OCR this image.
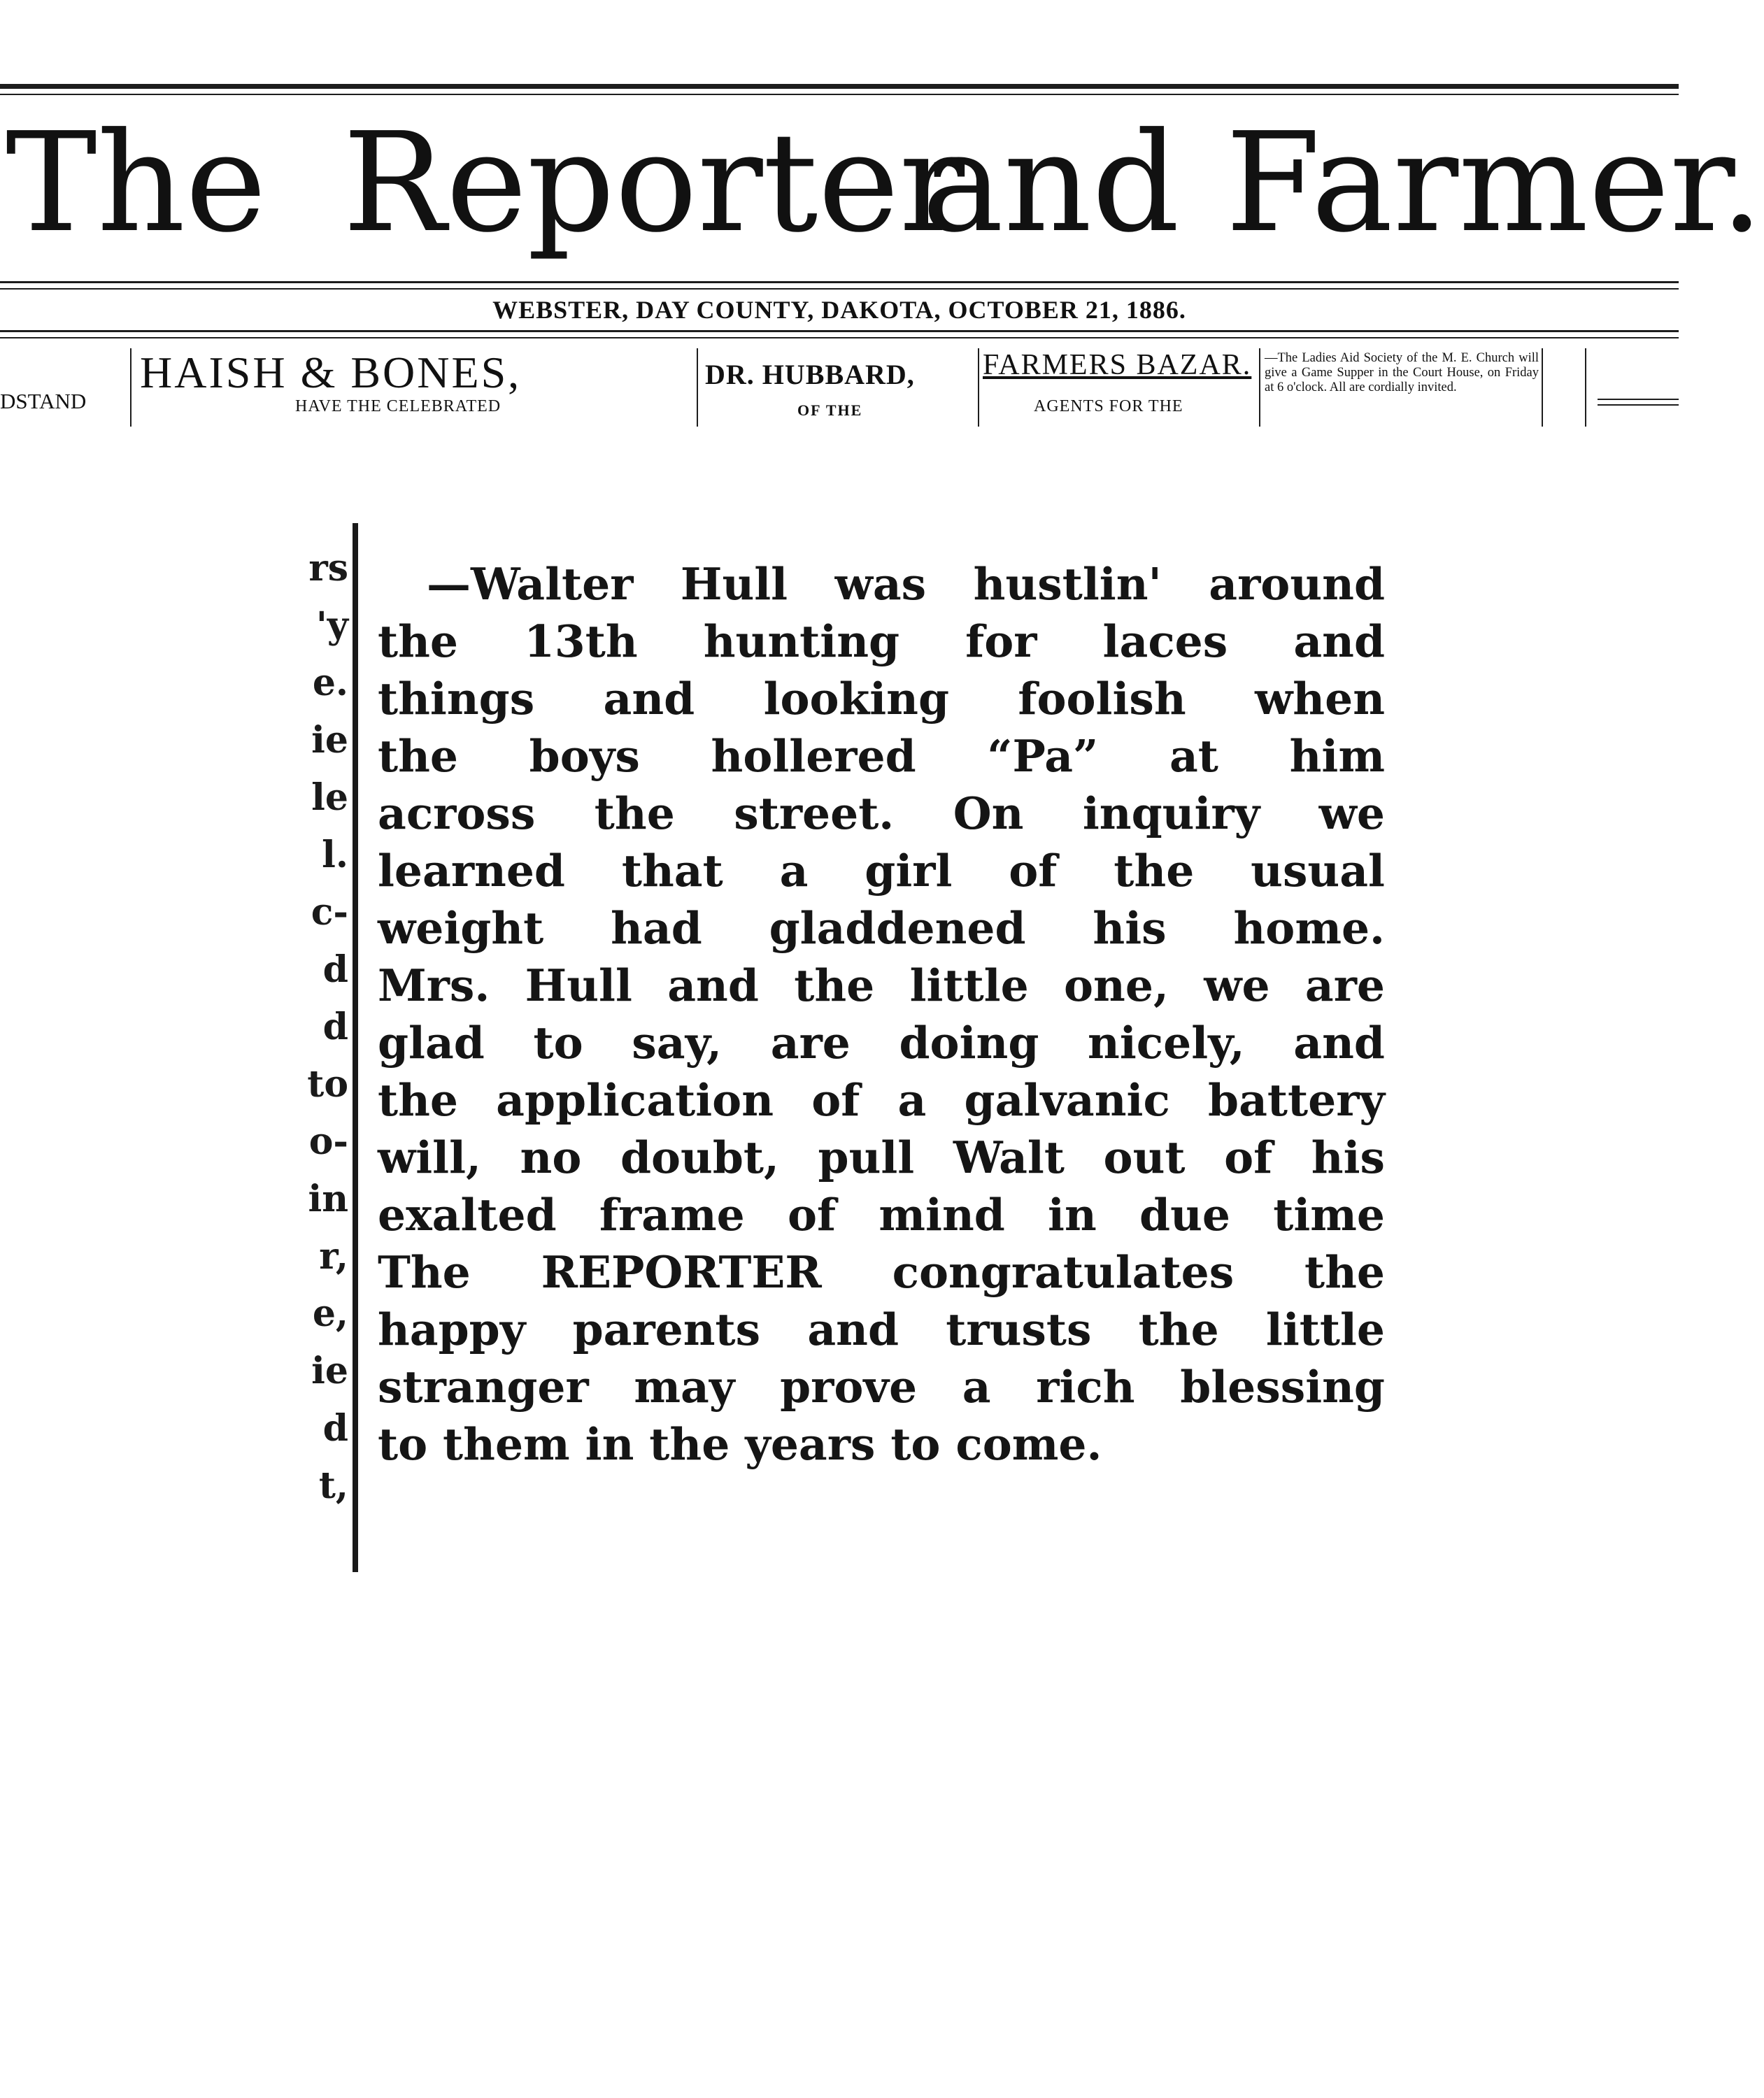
The Reporter
and Farmer.
WEBSTER, DAY COUNTY, DAKOTA, OCTOBER 21, 1886.
DSTAND
HAISH & BONES,
HAVE THE CELEBRATED
DR. HUBBARD,
OF THE
FARMERS BAZAR.
AGENTS FOR THE
—The Ladies Aid Society of the M. E. Church will give a Game Supper in the Court House, on Friday at 6 o'clock. All are cordially invited.
rs
'y
e.
ie
le
l.
c-
d
d
to
o-
in
r,
e,
ie
d
t,
—Walter Hull was hustlin' around
the 13th hunting for laces and
things and looking foolish when
the boys hollered “Pa” at him
across the street. On inquiry we
learned that a girl of the usual
weight had gladdened his home.
Mrs. Hull and the little one, we are
glad to say, are doing nicely, and
the application of a galvanic battery
will, no doubt, pull Walt out of his
exalted frame of mind in due time
The REPORTER congratulates the
happy parents and trusts the little
stranger may prove a rich blessing
to them in the years to come.
